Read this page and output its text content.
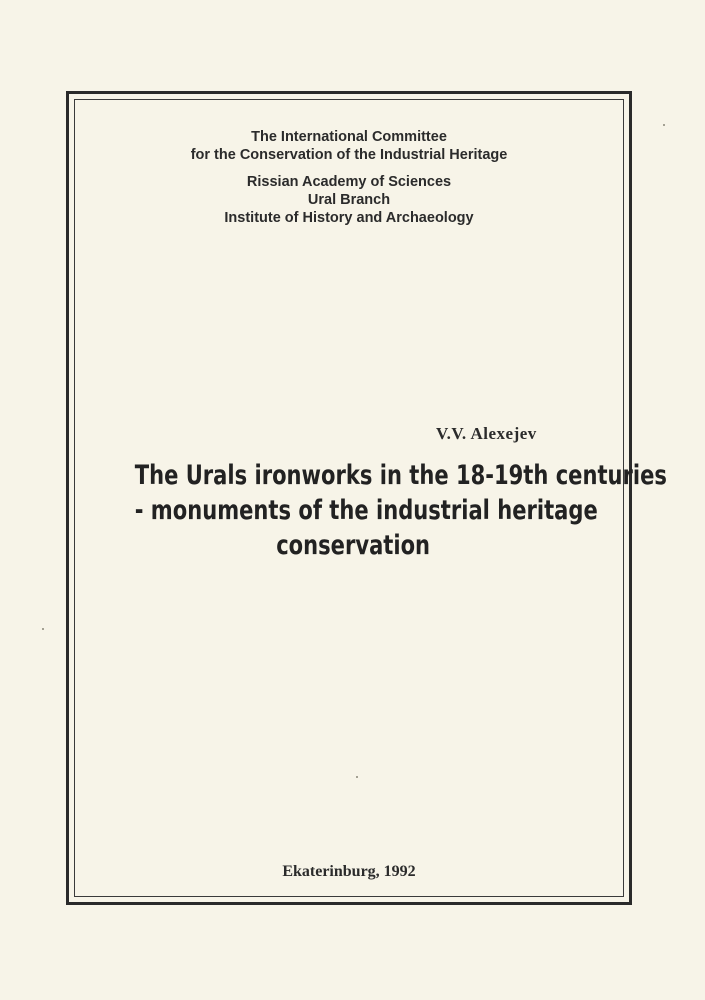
The International Committee
for the Conservation of the Industrial Heritage
Rissian Academy of Sciences
Ural Branch
Institute of History and Archaeology
V.V. Alexejev
The Urals ironworks in the 18-19th centuries
- monuments of the industrial heritage
conservation
Ekaterinburg, 1992
